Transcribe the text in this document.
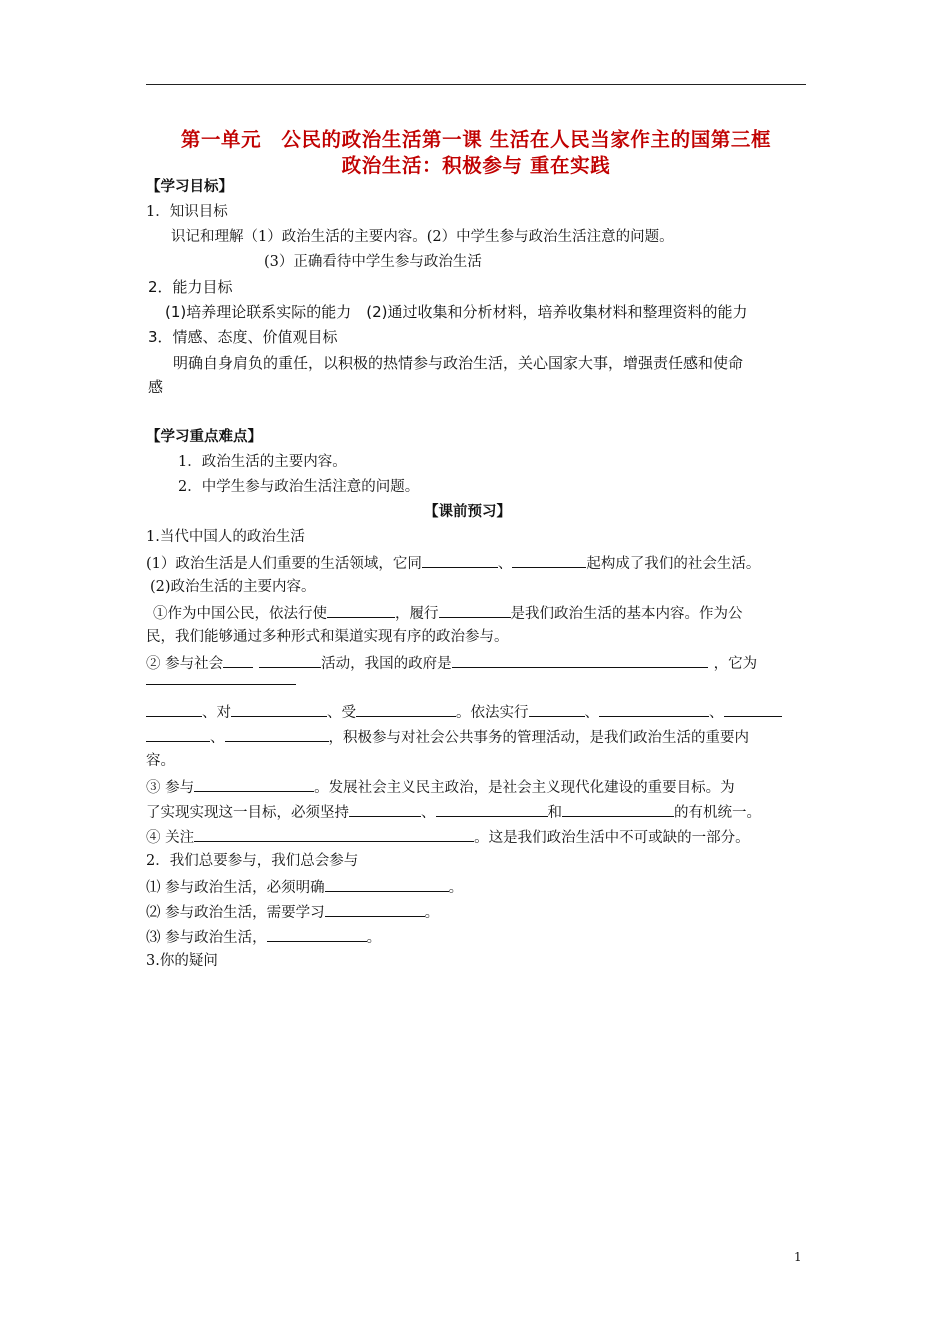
第一单元　公民的政治生活第一课 生活在人民当家作主的国第三框
政治生活：积极参与 重在实践
【学习目标】
1．知识目标
识记和理解（1）政治生活的主要内容。(2）中学生参与政治生活注意的问题。
(3）正确看待中学生参与政治生活
2．能力目标
(1)培养理论联系实际的能力　(2)通过收集和分析材料，培养收集材料和整理资料的能力
3．情感、态度、价值观目标
明确自身肩负的重任，以积极的热情参与政治生活，关心国家大事，增强责任感和使命
感
【学习重点难点】
1．政治生活的主要内容。
2．中学生参与政治生活注意的问题。
【课前预习】
1.当代中国人的政治生活
(1）政治生活是人们重要的生活领域，它同	、	起构成了我们的社会生活。
(2)政治生活的主要内容。
①作为中国公民，依法行使	，履行	是我们政治生活的基本内容。作为公
民，我们能够通过多种形式和渠道实现有序的政治参与。
② 参与社会	活动，我国的政府是	，它为
、对	、受	。依法实行	、	、
、	，积极参与对社会公共事务的管理活动，是我们政治生活的重要内
容。
③ 参与	。发展社会主义民主政治，是社会主义现代化建设的重要目标。为
了实现实现这一目标，必须坚持	、	和	的有机统一。
④ 关注	。这是我们政治生活中不可或缺的一部分。
2．我们总要参与，我们总会参与
⑴ 参与政治生活，必须明确	。
⑵ 参与政治生活，需要学习	。
⑶ 参与政治生活，	。
3.你的疑问
1
